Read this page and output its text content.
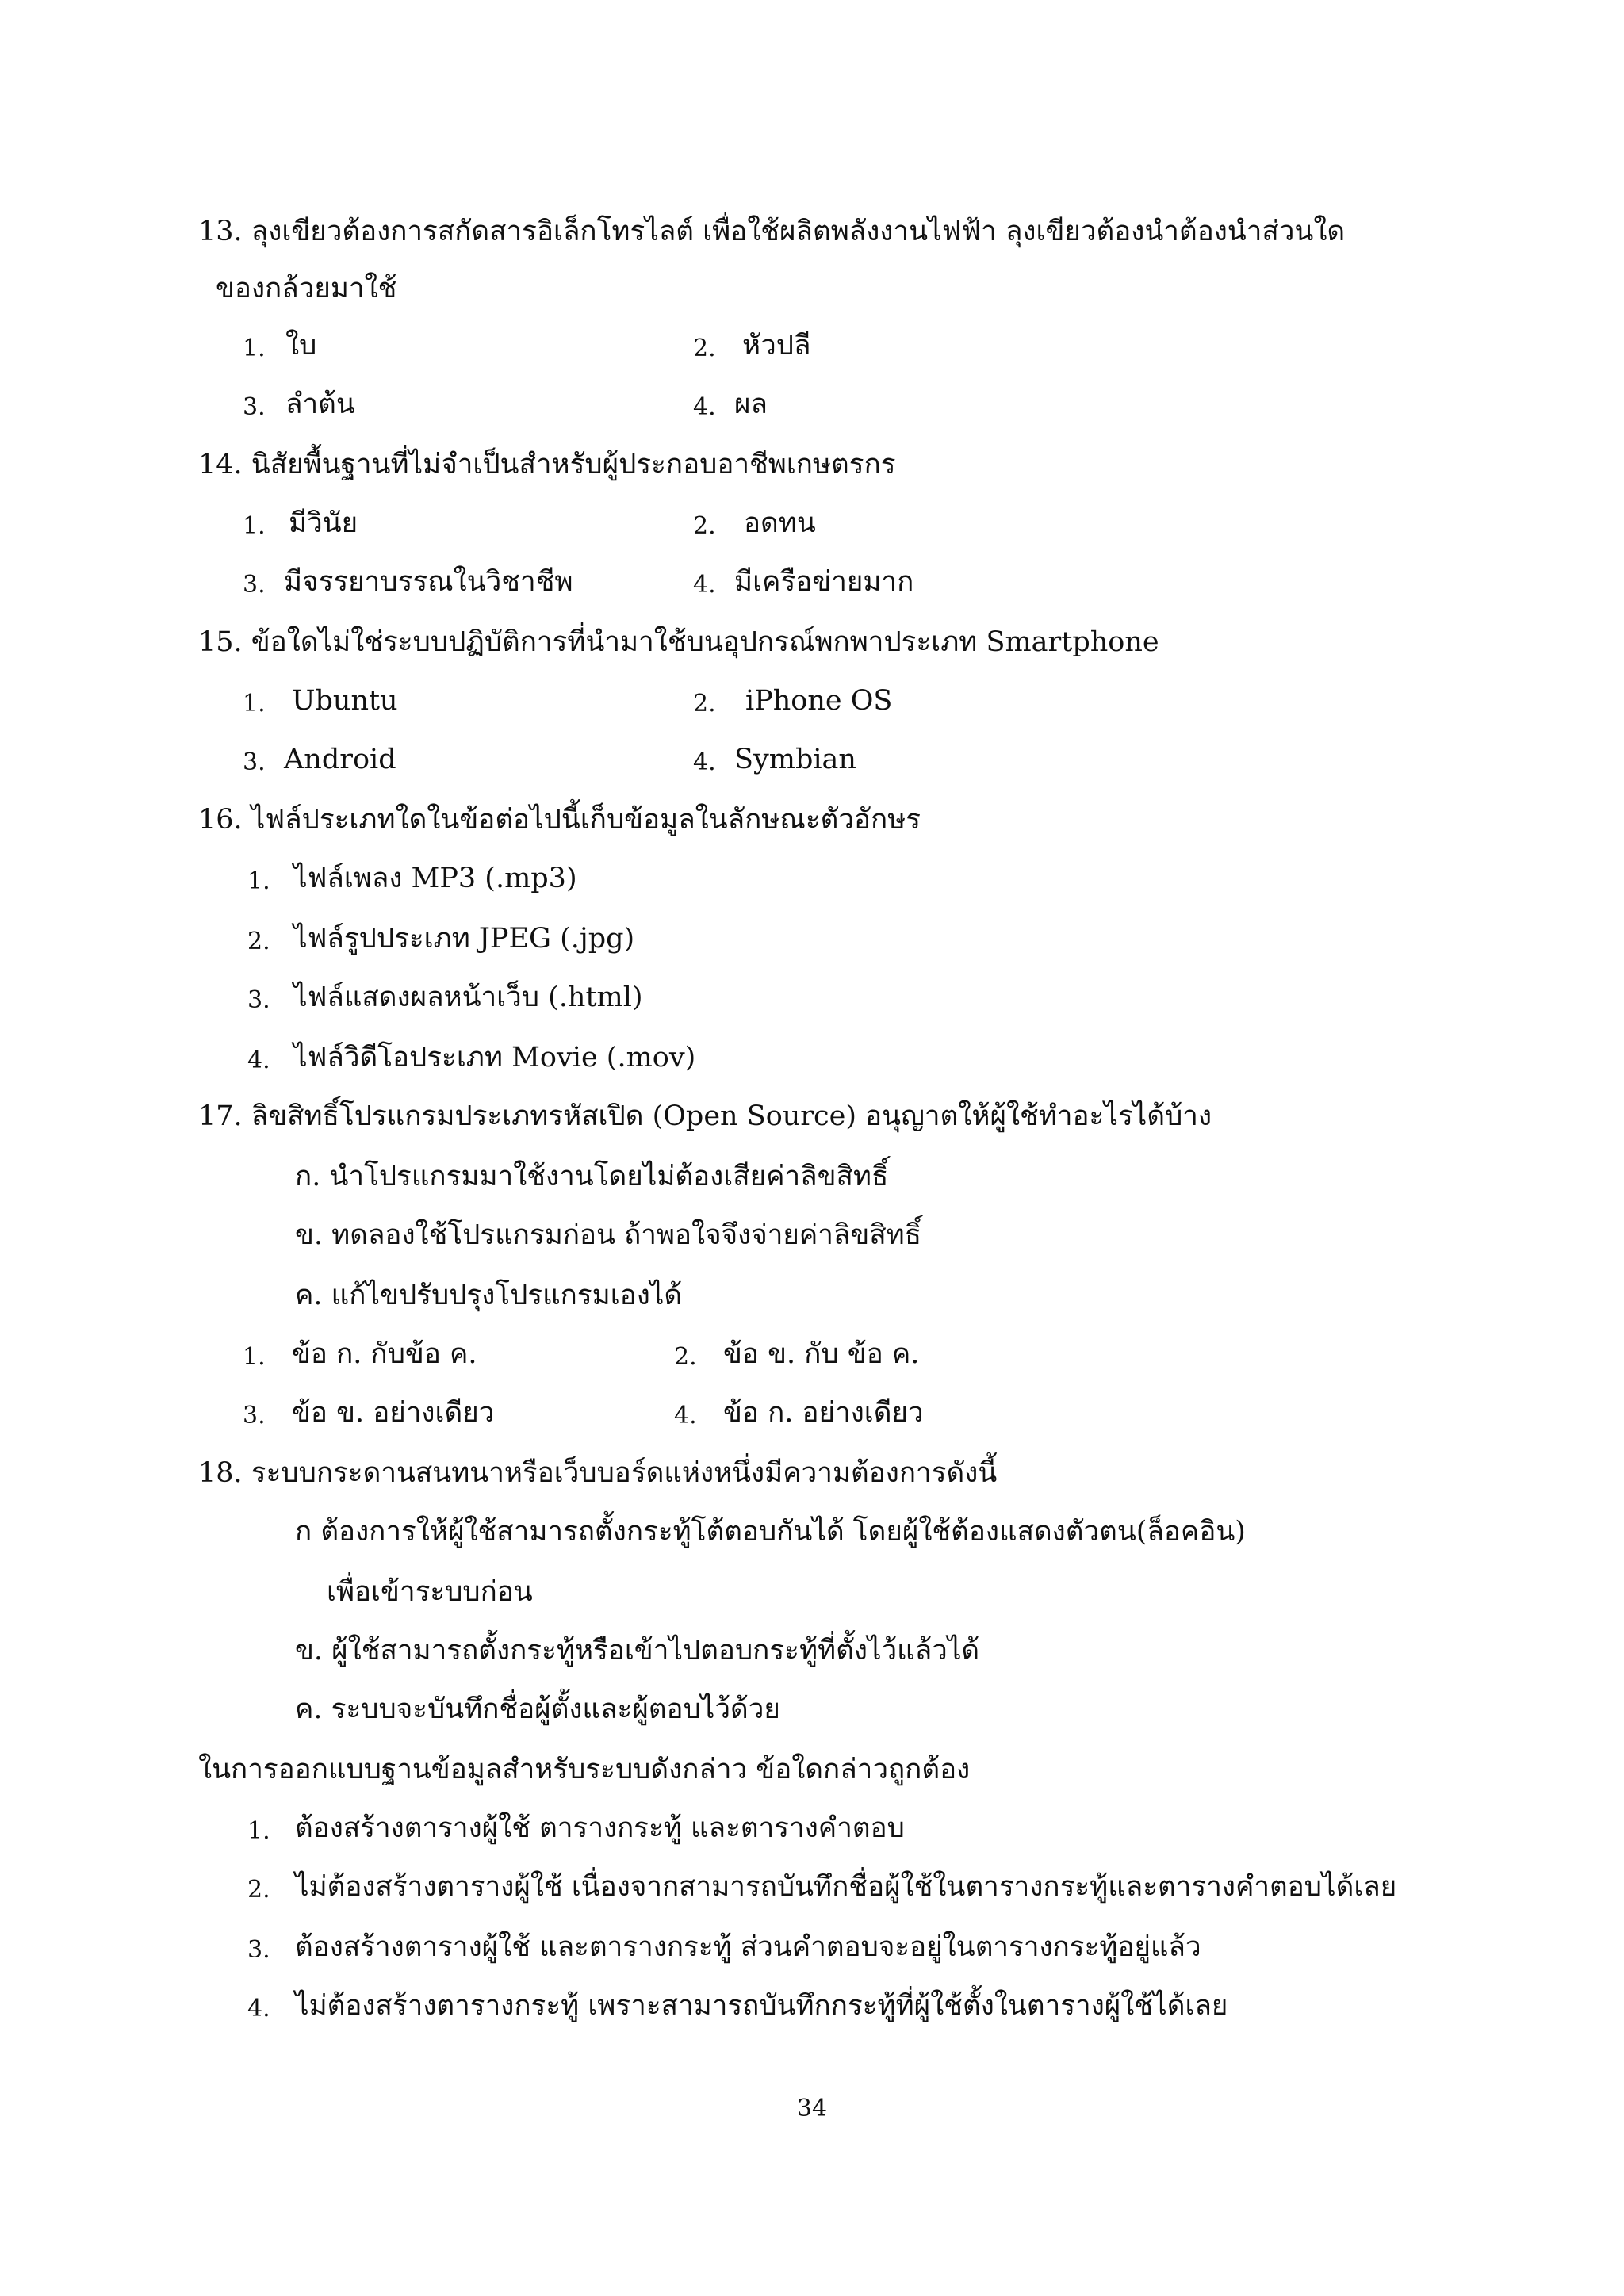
13. ลุงเขียวต้องการสกัดสารอิเล็กโทรไลต์ เพื่อใช้ผลิตพลังงานไฟฟ้า ลุงเขียวต้องนำต้องนำส่วนใด
ของกล้วยมาใช้
1. ใบ	2. หัวปลี
3. ลำต้น	4. ผล
14. นิสัยพื้นฐานที่ไม่จำเป็นสำหรับผู้ประกอบอาชีพเกษตรกร
1. มีวินัย	2. อดทน
3. มีจรรยาบรรณในวิชาชีพ	4. มีเครือข่ายมาก
15. ข้อใดไม่ใช่ระบบปฏิบัติการที่นำมาใช้บนอุปกรณ์พกพาประเภท Smartphone
1. Ubuntu	2. iPhone OS
3. Android	4. Symbian
16. ไฟล์ประเภทใดในข้อต่อไปนี้เก็บข้อมูลในลักษณะตัวอักษร
1. ไฟล์เพลง MP3 (.mp3)
2. ไฟล์รูปประเภท JPEG (.jpg)
3. ไฟล์แสดงผลหน้าเว็บ (.html)
4. ไฟล์วิดีโอประเภท Movie (.mov)
17. ลิขสิทธิ์โปรแกรมประเภทรหัสเปิด (Open Source) อนุญาตให้ผู้ใช้ทำอะไรได้บ้าง
ก. นำโปรแกรมมาใช้งานโดยไม่ต้องเสียค่าลิขสิทธิ์
ข. ทดลองใช้โปรแกรมก่อน ถ้าพอใจจึงจ่ายค่าลิขสิทธิ์
ค. แก้ไขปรับปรุงโปรแกรมเองได้
1. ข้อ ก. กับข้อ ค.	2. ข้อ ข. กับ ข้อ ค.
3. ข้อ ข. อย่างเดียว	4. ข้อ ก. อย่างเดียว
18. ระบบกระดานสนทนาหรือเว็บบอร์ดแห่งหนึ่งมีความต้องการดังนี้
ก ต้องการให้ผู้ใช้สามารถตั้งกระทู้โต้ตอบกันได้ โดยผู้ใช้ต้องแสดงตัวตน(ล็อคอิน)
เพื่อเข้าระบบก่อน
ข. ผู้ใช้สามารถตั้งกระทู้หรือเข้าไปตอบกระทู้ที่ตั้งไว้แล้วได้
ค. ระบบจะบันทึกชื่อผู้ตั้งและผู้ตอบไว้ด้วย
ในการออกแบบฐานข้อมูลสำหรับระบบดังกล่าว ข้อใดกล่าวถูกต้อง
1. ต้องสร้างตารางผู้ใช้ ตารางกระทู้ และตารางคำตอบ
2. ไม่ต้องสร้างตารางผู้ใช้ เนื่องจากสามารถบันทึกชื่อผู้ใช้ในตารางกระทู้และตารางคำตอบได้เลย
3. ต้องสร้างตารางผู้ใช้ และตารางกระทู้ ส่วนคำตอบจะอยู่ในตารางกระทู้อยู่แล้ว
4. ไม่ต้องสร้างตารางกระทู้ เพราะสามารถบันทึกกระทู้ที่ผู้ใช้ตั้งในตารางผู้ใช้ได้เลย
34
